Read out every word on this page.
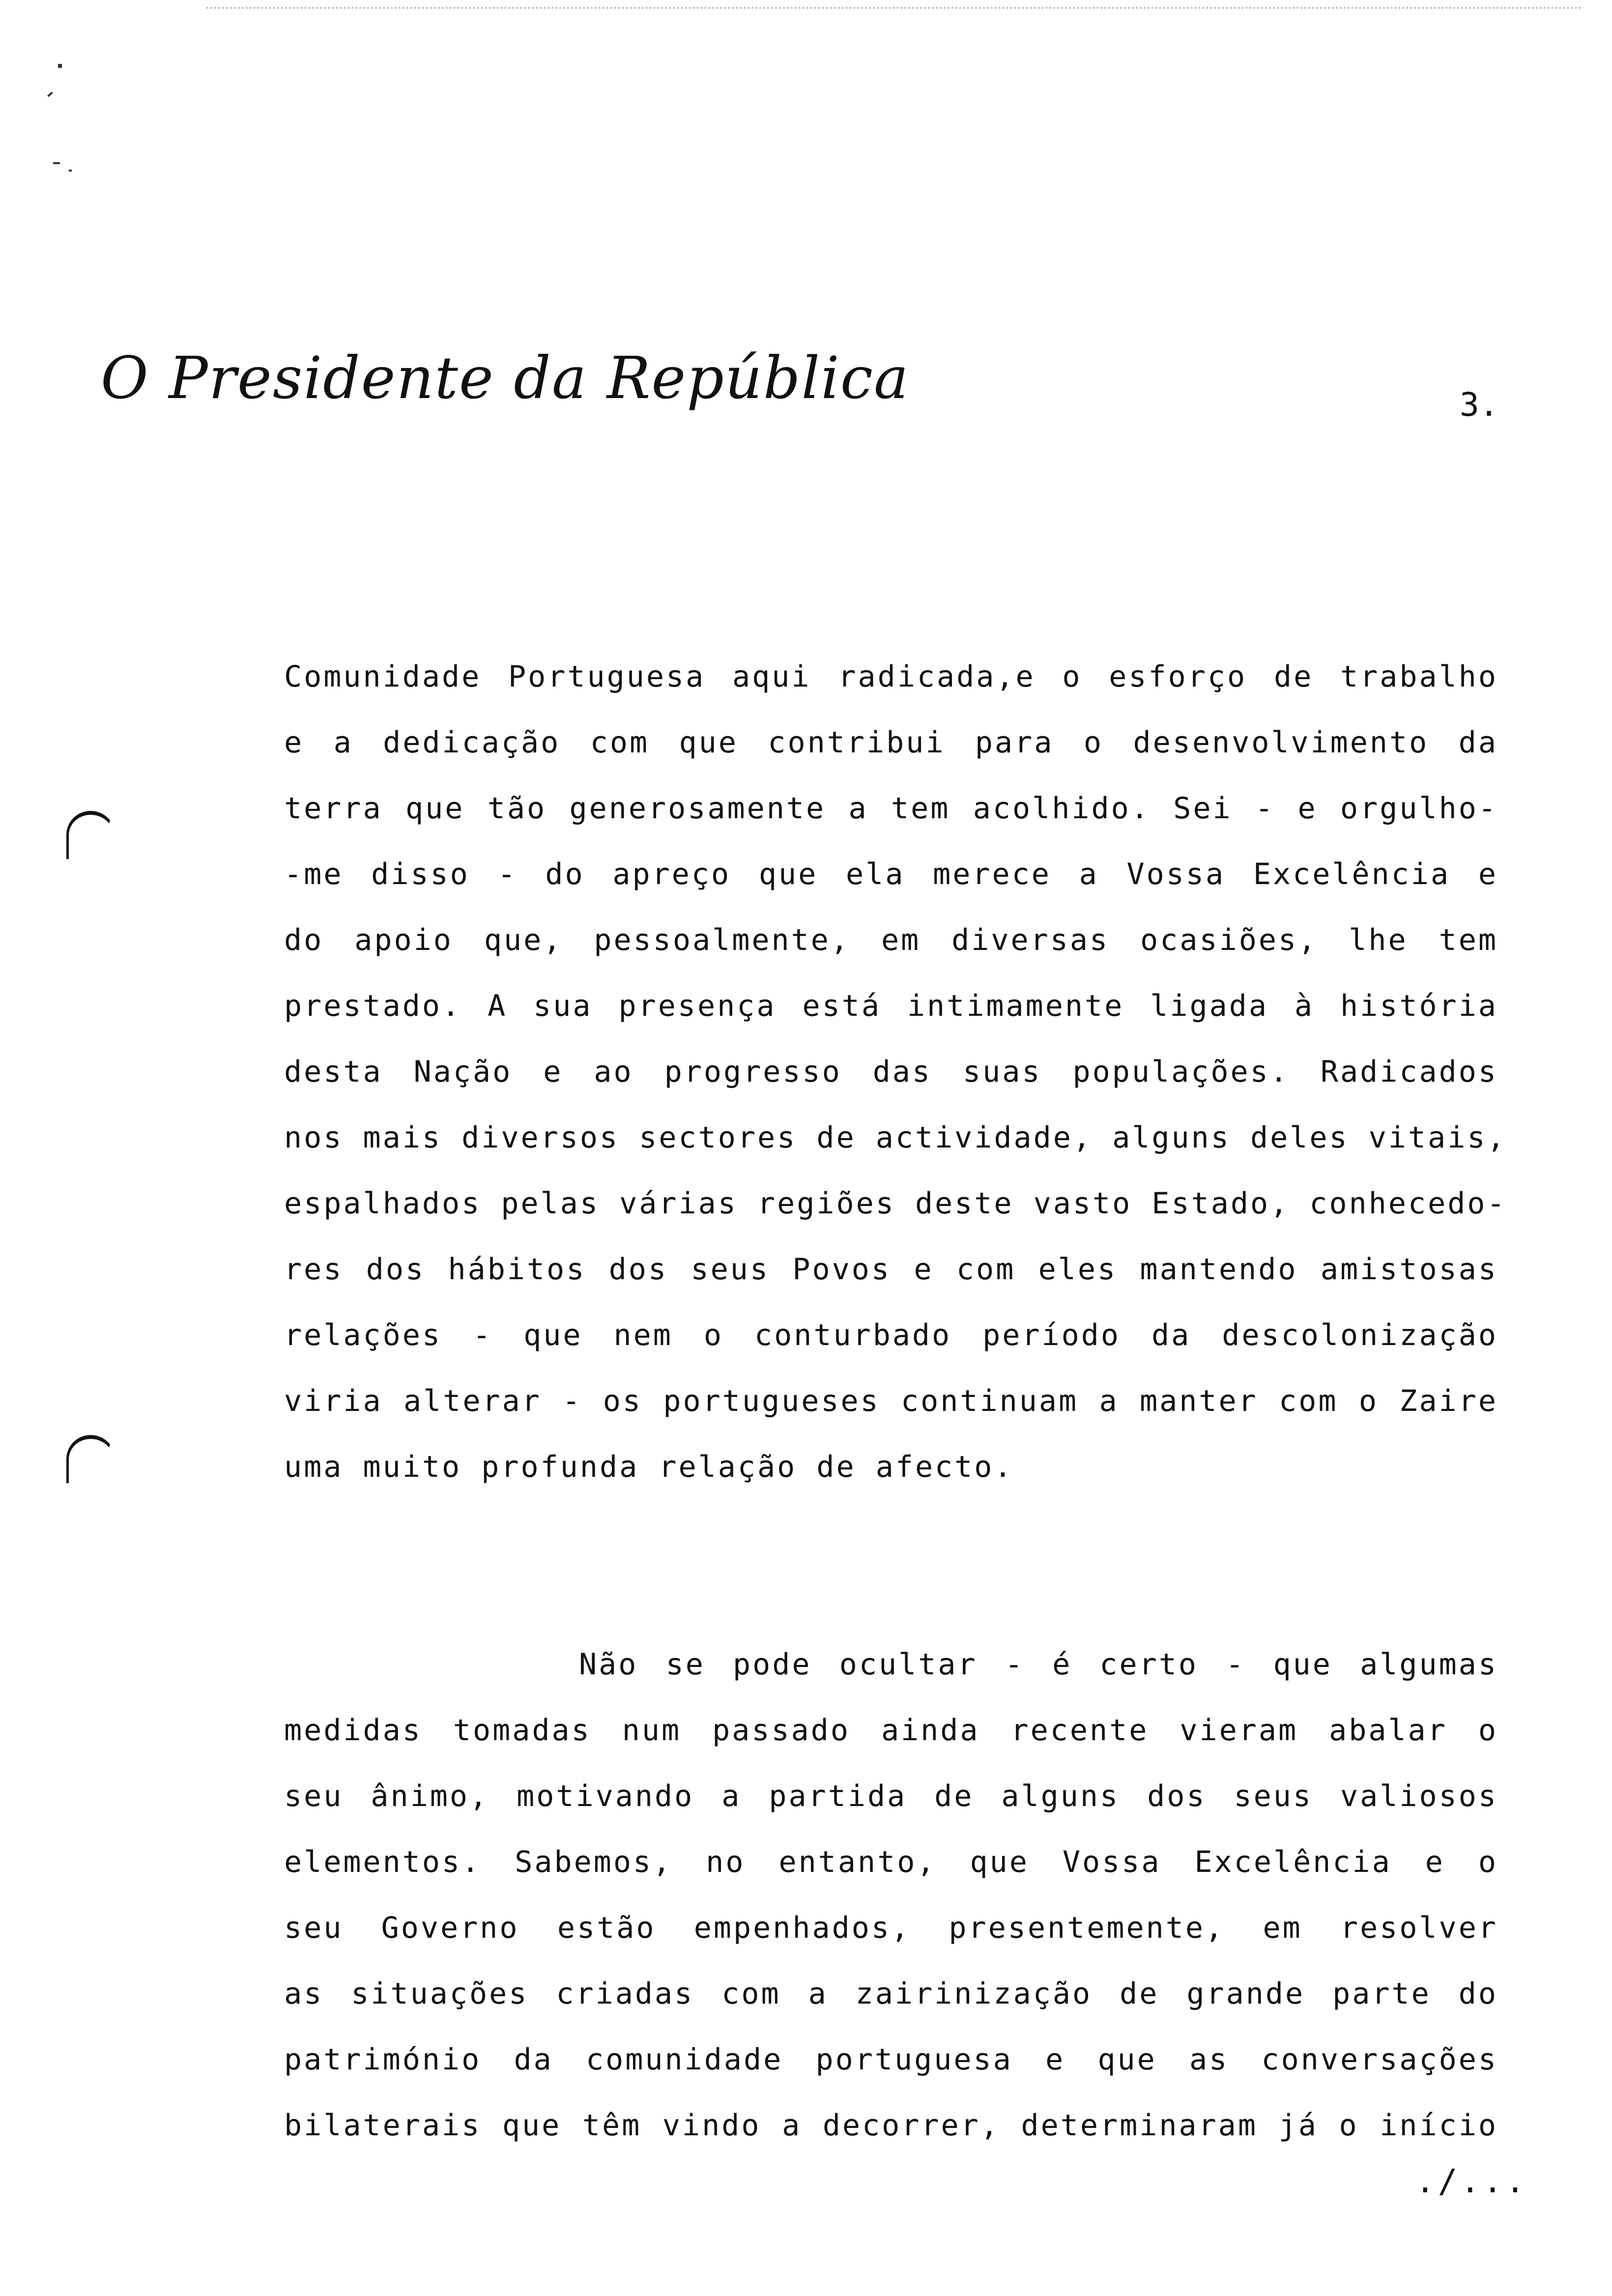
O Presidente da República	3.
Comunidade Portuguesa aqui radicada,e o esforço de trabalho
e a dedicação com que contribui para o desenvolvimento da
terra que tão generosamente a tem acolhido. Sei - e orgulho-
-me disso - do apreço que ela merece a Vossa Excelência e
do apoio que, pessoalmente, em diversas ocasiões, lhe tem
prestado. A sua presença está intimamente ligada à história
desta Nação e ao progresso das suas populações. Radicados
nos mais diversos sectores de actividade, alguns deles vitais,
espalhados pelas várias regiões deste vasto Estado, conhecedo-
res dos hábitos dos seus Povos e com eles mantendo amistosas
relações - que nem o conturbado período da descolonização
viria alterar - os portugueses continuam a manter com o Zaire
uma muito profunda relação de afecto.
Não se pode ocultar - é certo - que algumas
medidas tomadas num passado ainda recente vieram abalar o
seu ânimo, motivando a partida de alguns dos seus valiosos
elementos. Sabemos, no entanto, que Vossa Excelência e o
seu Governo estão empenhados, presentemente, em resolver
as situações criadas com a zairinização de grande parte do
património da comunidade portuguesa e que as conversações
bilaterais que têm vindo a decorrer, determinaram já o início
./...
